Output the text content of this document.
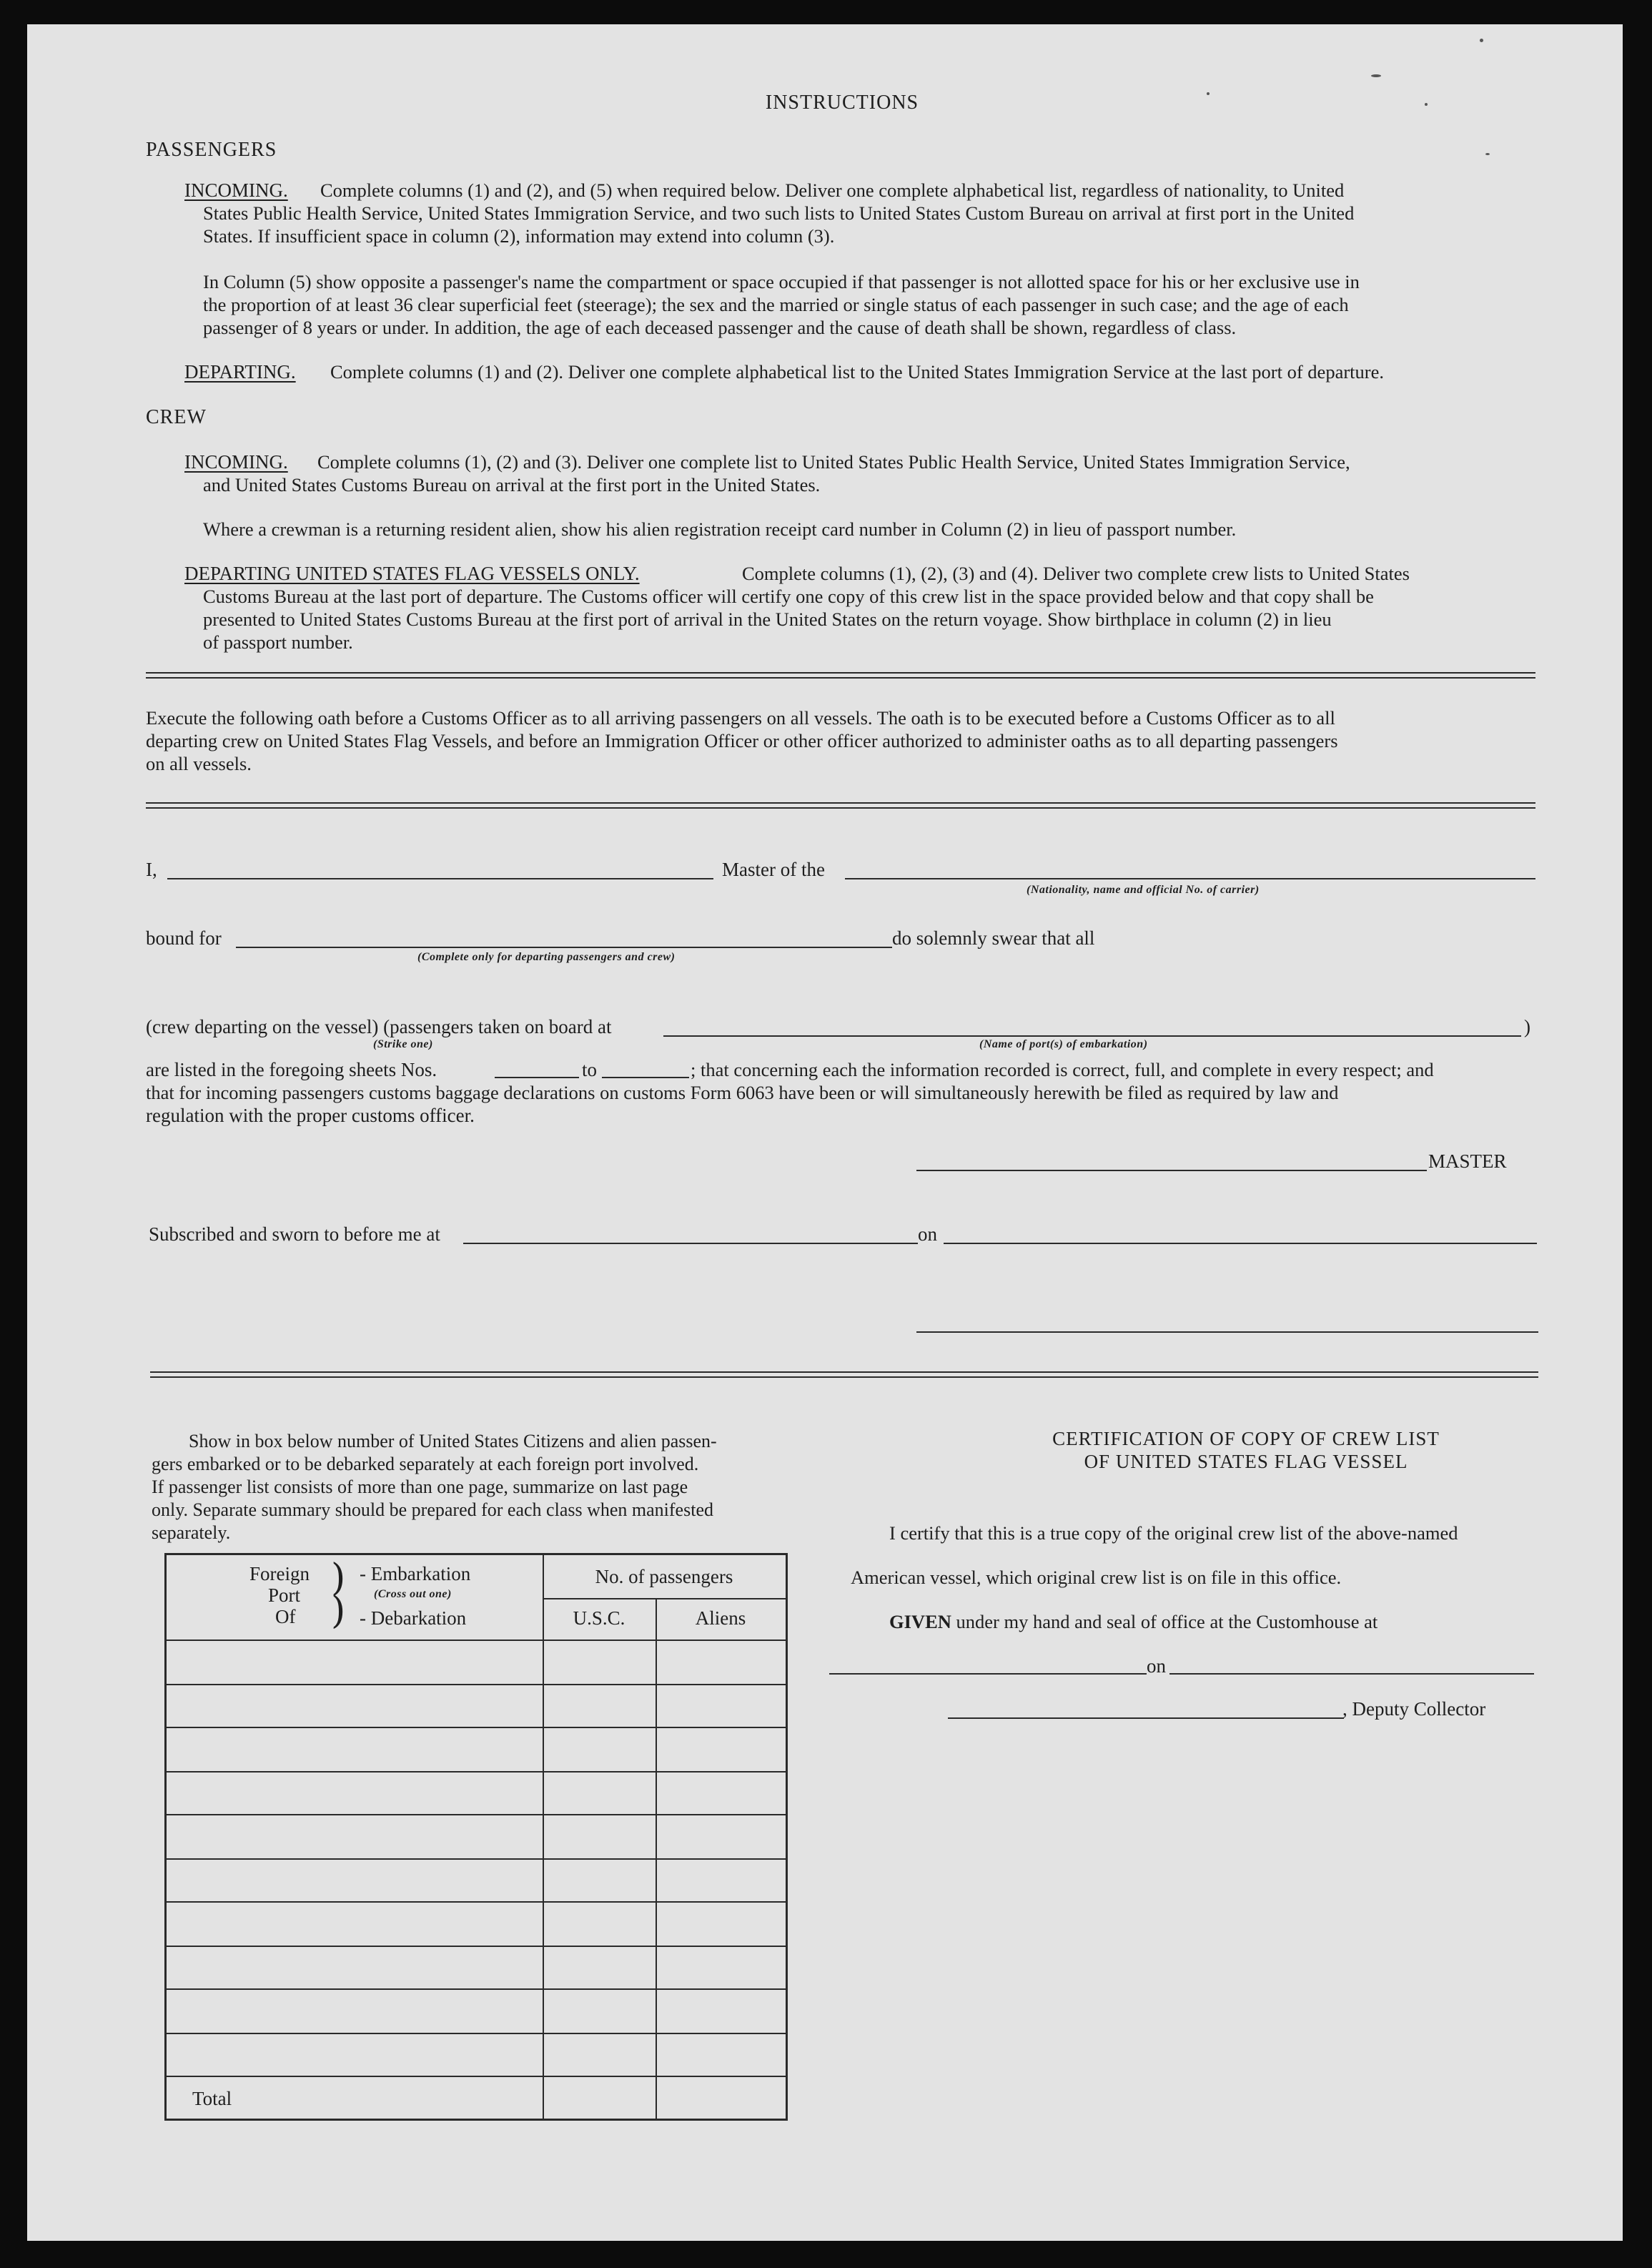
INSTRUCTIONS
PASSENGERS
INCOMING. Complete columns (1) and (2), and (5) when required below. Deliver one complete alphabetical list, regardless of nationality, to United
States Public Health Service, United States Immigration Service, and two such lists to United States Custom Bureau on arrival at first port in the United
States. If insufficient space in column (2), information may extend into column (3).
In Column (5) show opposite a passenger's name the compartment or space occupied if that passenger is not allotted space for his or her exclusive use in
the proportion of at least 36 clear superficial feet (steerage); the sex and the married or single status of each passenger in such case; and the age of each
passenger of 8 years or under. In addition, the age of each deceased passenger and the cause of death shall be shown, regardless of class.
DEPARTING. Complete columns (1) and (2). Deliver one complete alphabetical list to the United States Immigration Service at the last port of departure.
CREW
INCOMING. Complete columns (1), (2) and (3). Deliver one complete list to United States Public Health Service, United States Immigration Service,
and United States Customs Bureau on arrival at the first port in the United States.
Where a crewman is a returning resident alien, show his alien registration receipt card number in Column (2) in lieu of passport number.
DEPARTING UNITED STATES FLAG VESSELS ONLY.	Complete columns (1), (2), (3) and (4). Deliver two complete crew lists to United States
Customs Bureau at the last port of departure. The Customs officer will certify one copy of this crew list in the space provided below and that copy shall be
presented to United States Customs Bureau at the first port of arrival in the United States on the return voyage. Show birthplace in column (2) in lieu
of passport number.
Execute the following oath before a Customs Officer as to all arriving passengers on all vessels. The oath is to be executed before a Customs Officer as to all
departing crew on United States Flag Vessels, and before an Immigration Officer or other officer authorized to administer oaths as to all departing passengers
on all vessels.
I,	Master of the
(Nationality, name and official No. of carrier)
bound for
(Complete only for departing passengers and crew)
do solemnly swear that all
(crew departing on the vessel) (passengers taken on board at
(Strike one)
)
(Name of port(s) of embarkation)
are listed in the foregoing sheets Nos.	to	; that concerning each the information recorded is correct, full, and complete in every respect; and
that for incoming passengers customs baggage declarations on customs Form 6063 have been or will simultaneously herewith be filed as required by law and
regulation with the proper customs officer.
MASTER
Subscribed and sworn to before me at	on
Show in box below number of United States Citizens and alien passen-
gers embarked or to be debarked separately at each foreign port involved.
If passenger list consists of more than one page, summarize on last page
only. Separate summary should be prepared for each class when manifested
separately.
Foreign
Port
Of
)
)
- Embarkation
(Cross out one)
- Debarkation
No. of passengers
U.S.C.	Aliens
Total
CERTIFICATION OF COPY OF CREW LIST
OF UNITED STATES FLAG VESSEL
I certify that this is a true copy of the original crew list of the above-named
American vessel, which original crew list is on file in this office.
GIVEN under my hand and seal of office at the Customhouse at
on
, Deputy Collector
